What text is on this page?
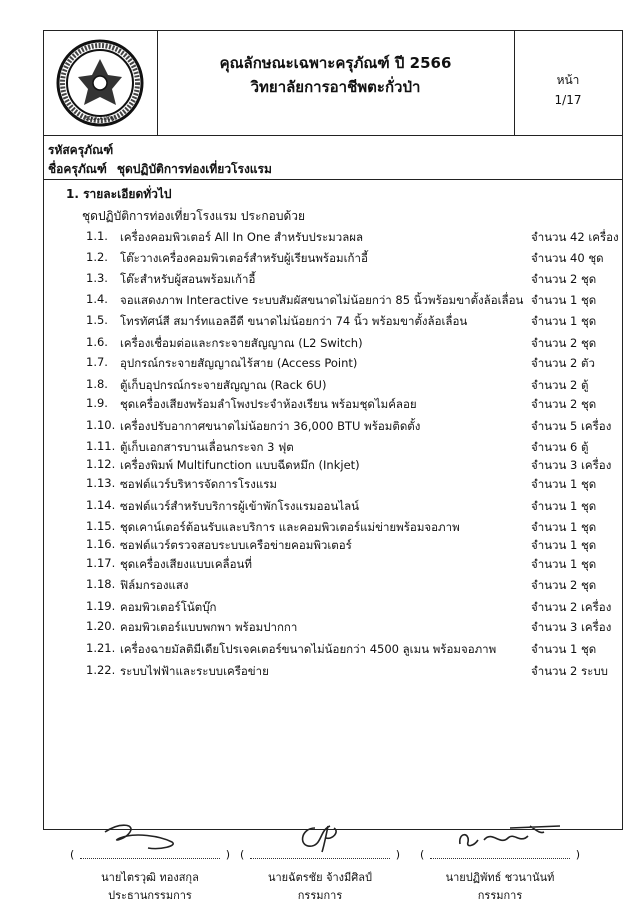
EDUCATION
คุณลักษณะเฉพาะครุภัณฑ์ ปี 2566
วิทยาลัยการอาชีพตะกั่วป่า	หน้า
1/17
รหัสครุภัณฑ์
ชื่อครุภัณฑ์ ชุดปฏิบัติการท่องเที่ยวโรงแรม
1. รายละเอียดทั่วไป
ชุดปฏิบัติการท่องเที่ยวโรงแรม ประกอบด้วย
1.1. เครื่องคอมพิวเตอร์ All In One สำหรับประมวลผล	จำนวน 42 เครื่อง
1.2. โต๊ะวางเครื่องคอมพิวเตอร์สำหรับผู้เรียนพร้อมเก้าอี้	จำนวน 40 ชุด
1.3. โต๊ะสำหรับผู้สอนพร้อมเก้าอี้	จำนวน 2 ชุด
1.4. จอแสดงภาพ Interactive ระบบสัมผัสขนาดไม่น้อยกว่า 85 นิ้วพร้อมขาตั้งล้อเลื่อน จำนวน 1 ชุด
1.5. โทรทัศน์สี สมาร์ทแอลอีดี ขนาดไม่น้อยกว่า 74 นิ้ว พร้อมขาตั้งล้อเลื่อน	จำนวน 1 ชุด
1.6. เครื่องเชื่อมต่อและกระจายสัญญาณ (L2 Switch)	จำนวน 2 ชุด
1.7. อุปกรณ์กระจายสัญญาณไร้สาย (Access Point)	จำนวน 2 ตัว
1.8. ตู้เก็บอุปกรณ์กระจายสัญญาณ (Rack 6U)	จำนวน 2 ตู้
1.9. ชุดเครื่องเสียงพร้อมลำโพงประจำห้องเรียน พร้อมชุดไมค์ลอย	จำนวน 2 ชุด
1.10. เครื่องปรับอากาศขนาดไม่น้อยกว่า 36,000 BTU พร้อมติดตั้ง	จำนวน 5 เครื่อง
1.11. ตู้เก็บเอกสารบานเลื่อนกระจก 3 ฟุต	จำนวน 6 ตู้
1.12. เครื่องพิมพ์ Multifunction แบบฉีดหมึก (Inkjet)	จำนวน 3 เครื่อง
1.13. ซอฟต์แวร์บริหารจัดการโรงแรม	จำนวน 1 ชุด
1.14. ซอฟต์แวร์สำหรับบริการผู้เข้าพักโรงแรมออนไลน์	จำนวน 1 ชุด
1.15. ชุดเคาน์เตอร์ต้อนรับและบริการ และคอมพิวเตอร์แม่ข่ายพร้อมจอภาพ	จำนวน 1 ชุด
1.16. ซอฟต์แวร์ตรวจสอบระบบเครือข่ายคอมพิวเตอร์	จำนวน 1 ชุด
1.17. ชุดเครื่องเสียงแบบเคลื่อนที่	จำนวน 1 ชุด
1.18. ฟิล์มกรองแสง	จำนวน 2 ชุด
1.19. คอมพิวเตอร์โน้ตบุ๊ก	จำนวน 2 เครื่อง
1.20. คอมพิวเตอร์แบบพกพา พร้อมปากกา	จำนวน 3 เครื่อง
1.21. เครื่องฉายมัลติมีเดียโปรเจคเตอร์ขนาดไม่น้อยกว่า 4500 ลูเมน พร้อมจอภาพ	จำนวน 1 ชุด
1.22. ระบบไฟฟ้าและระบบเครือข่าย	จำนวน 2 ระบบ
(	)
นายไตรวุฒิ ทองสกุล
ประธานกรรมการ
(	)
นายฉัตรชัย จ้างมีศิลป์
กรรมการ
(	)
นายปฏิพัทธ์ ชวนานันท์
กรรมการ
